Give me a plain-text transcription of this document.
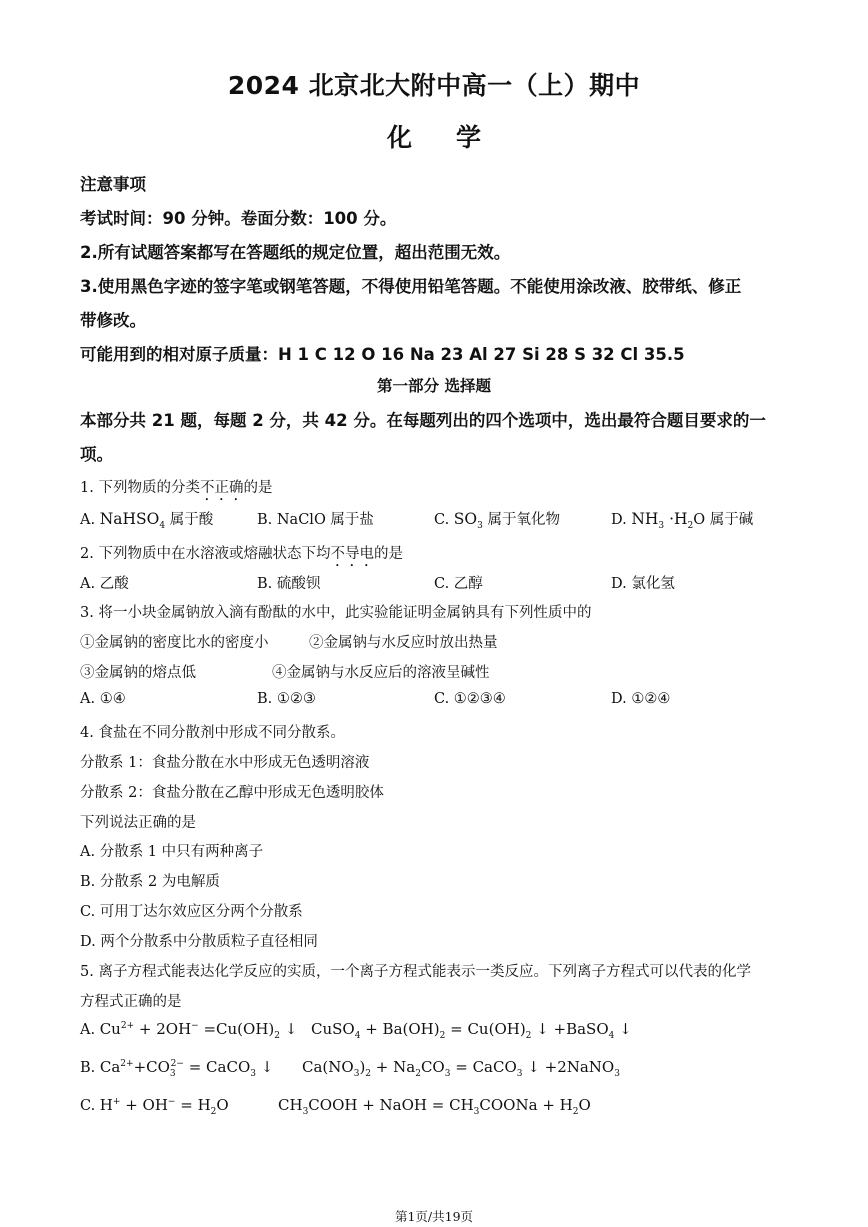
2024 北京北大附中高一（上）期中
化学
注意事项
考试时间：90 分钟。卷面分数：100 分。
2.所有试题答案都写在答题纸的规定位置，超出范围无效。
3.使用黑色字迹的签字笔或钢笔答题，不得使用铅笔答题。不能使用涂改液、胶带纸、修正
带修改。
可能用到的相对原子质量：H 1 C 12 O 16 Na 23 Al 27 Si 28 S 32 Cl 35.5
第一部分 选择题
本部分共 21 题，每题 2 分，共 42 分。在每题列出的四个选项中，选出最符合题目要求的一
项。
1. 下列物质的分类不正确的是
A. NaHSO$_4$ 属于酸	B. NaClO 属于盐	C. $SO_3$ 属于氧化物	D. $NH_3 \cdot H_2O$ 属于碱
2. 下列物质中在水溶液或熔融状态下均不导电的是
A. 乙酸	B. 硫酸钡	C. 乙醇	D. 氯化氢
3. 将一小块金属钠放入滴有酚酞的水中，此实验能证明金属钠具有下列性质中的
①金属钠的密度比水的密度小	②金属钠与水反应时放出热量
③金属钠的熔点低	④金属钠与水反应后的溶液呈碱性
A. ①④	B. ①②③	C. ①②③④	D. ①②④
4. 食盐在不同分散剂中形成不同分散系。
分散系 1：食盐分散在水中形成无色透明溶液
分散系 2：食盐分散在乙醇中形成无色透明胶体
下列说法正确的是
A. 分散系 1 中只有两种离子
B. 分散系 2 为电解质
C. 可用丁达尔效应区分两个分散系
D. 两个分散系中分散质粒子直径相同
5. 离子方程式能表达化学反应的实质，一个离子方程式能表示一类反应。下列离子方程式可以代表的化学
方程式正确的是
A. $Cu^{2+} + 2OH^- =Cu(OH)_2$ ↓ CuSO$_4$ + $Ba(OH)_2 = Cu(OH)_2$ ↓ +BaSO$_4$ ↓
B. $Ca^{2+}+CO_3^{2-}$ = CaCO$_3$ ↓ $Ca(NO_3)_2 + Na_2CO_3$ = CaCO$_3$ ↓ +2NaNO$_3$
C. $H^+ + OH^- = H_2O$	$CH_3COOH$ + NaOH = $CH_3COONa + H_2O$
第1页/共19页
